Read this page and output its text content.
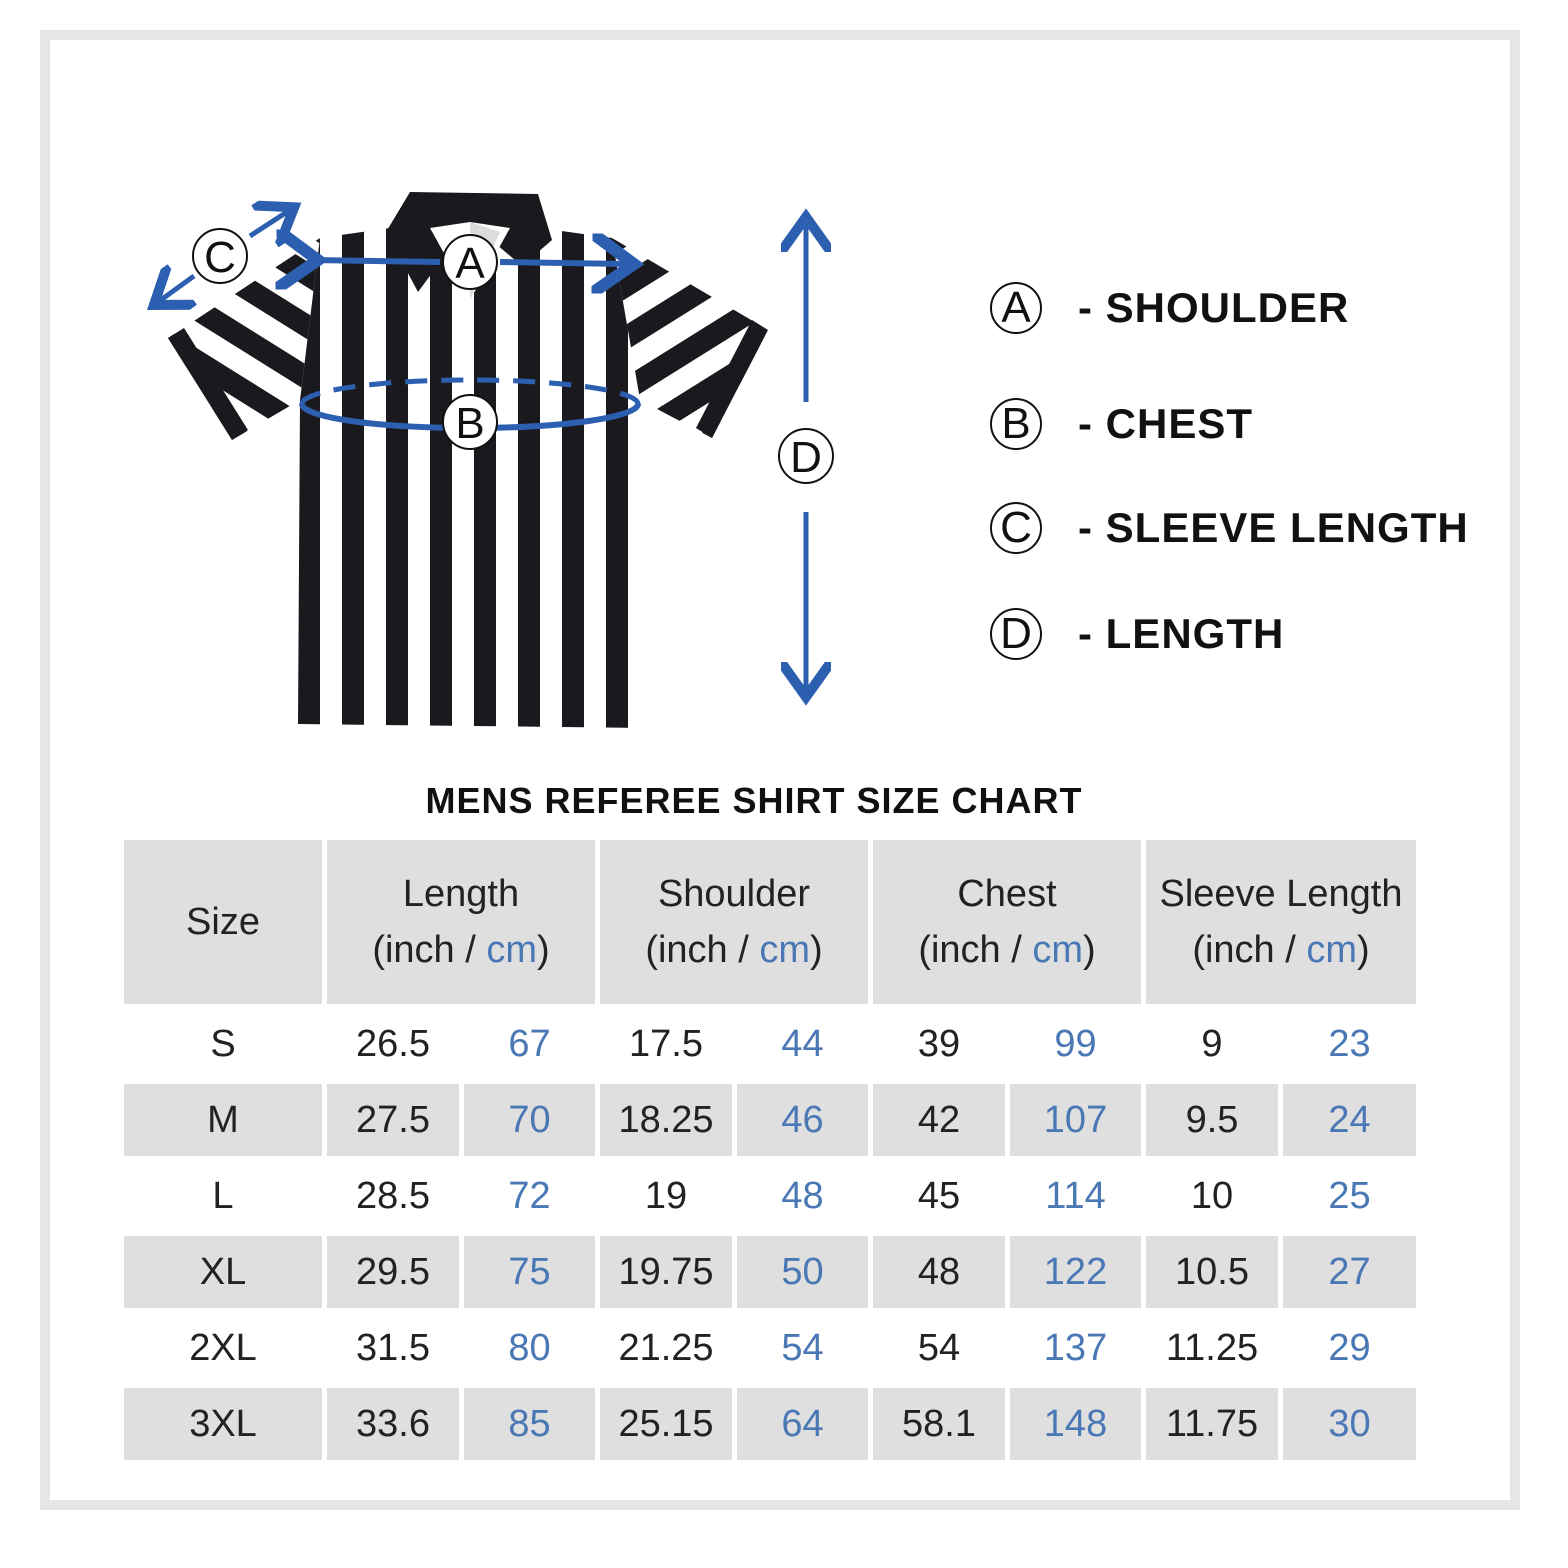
A
B
C
D
A - SHOULDER
B - CHEST
C - SLEEVE LENGTH
D - LENGTH
MENS REFEREE SHIRT SIZE CHART
Size
Length
(inch / cm)
Shoulder
(inch / cm)
Chest
(inch / cm)
Sleeve Length
(inch / cm)
S	26.5	67	17.5	44	39	99	9	23
M	27.5	70	18.25	46	42	107	9.5	24
L	28.5	72	19	48	45	114	10	25
XL	29.5	75	19.75	50	48	122	10.5	27
2XL	31.5	80	21.25	54	54	137	11.25	29
3XL	33.6	85	25.15	64	58.1	148	11.75	30
